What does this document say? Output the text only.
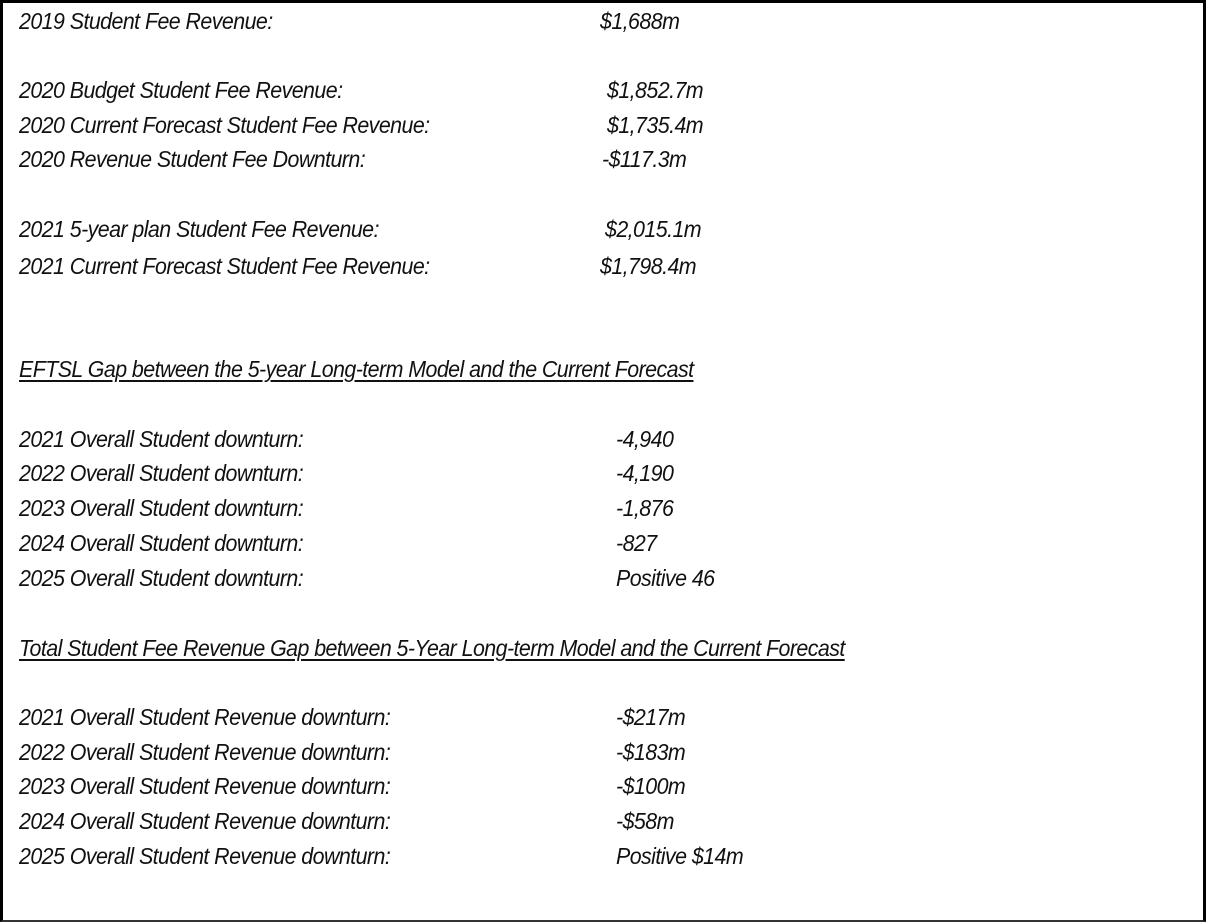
2019 Student Fee Revenue:	$1,688m
2020 Budget Student Fee Revenue:	$1,852.7m
2020 Current Forecast Student Fee Revenue:	$1,735.4m
2020 Revenue Student Fee Downturn:	-$117.3m
2021 5-year plan Student Fee Revenue:	$2,015.1m
2021 Current Forecast Student Fee Revenue:	$1,798.4m
EFTSL Gap between the 5-year Long-term Model and the Current Forecast
2021 Overall Student downturn:	-4,940
2022 Overall Student downturn:	-4,190
2023 Overall Student downturn:	-1,876
2024 Overall Student downturn:	-827
2025 Overall Student downturn:	Positive 46
Total Student Fee Revenue Gap between 5-Year Long-term Model and the Current Forecast
2021 Overall Student Revenue downturn:	-$217m
2022 Overall Student Revenue downturn:	-$183m
2023 Overall Student Revenue downturn:	-$100m
2024 Overall Student Revenue downturn:	-$58m
2025 Overall Student Revenue downturn:	Positive $14m
